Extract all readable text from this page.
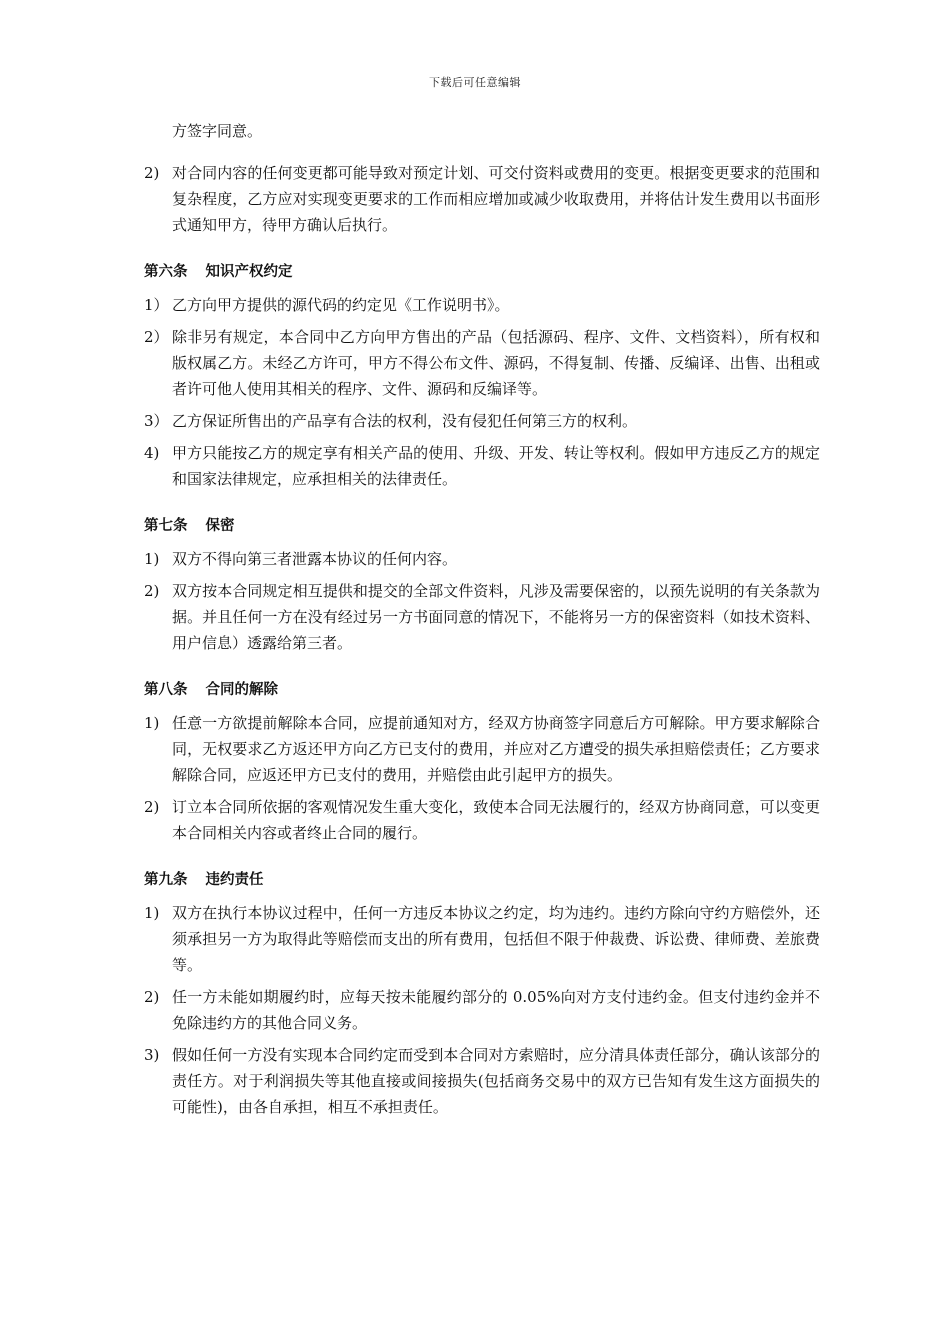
下载后可任意编辑
方签字同意。
2) 对合同内容的任何变更都可能导致对预定计划、可交付资料或费用的变更。根据变更要求的范围和复杂程度，乙方应对实现变更要求的工作而相应增加或减少收取费用，并将估计发生费用以书面形式通知甲方，待甲方确认后执行。
第六条 知识产权约定
1） 乙方向甲方提供的源代码的约定见《工作说明书》。
2） 除非另有规定，本合同中乙方向甲方售出的产品（包括源码、程序、文件、文档资料），所有权和版权属乙方。未经乙方许可，甲方不得公布文件、源码，不得复制、传播、反编译、出售、出租或者许可他人使用其相关的程序、文件、源码和反编译等。
3） 乙方保证所售出的产品享有合法的权利，没有侵犯任何第三方的权利。
4) 甲方只能按乙方的规定享有相关产品的使用、升级、开发、转让等权利。假如甲方违反乙方的规定和国家法律规定，应承担相关的法律责任。
第七条 保密
1) 双方不得向第三者泄露本协议的任何内容。
2) 双方按本合同规定相互提供和提交的全部文件资料，凡涉及需要保密的，以预先说明的有关条款为据。并且任何一方在没有经过另一方书面同意的情况下，不能将另一方的保密资料（如技术资料、用户信息）透露给第三者。
第八条 合同的解除
1) 任意一方欲提前解除本合同，应提前通知对方，经双方协商签字同意后方可解除。甲方要求解除合同，无权要求乙方返还甲方向乙方已支付的费用，并应对乙方遭受的损失承担赔偿责任；乙方要求解除合同，应返还甲方已支付的费用，并赔偿由此引起甲方的损失。
2) 订立本合同所依据的客观情况发生重大变化，致使本合同无法履行的，经双方协商同意，可以变更本合同相关内容或者终止合同的履行。
第九条 违约责任
1) 双方在执行本协议过程中，任何一方违反本协议之约定，均为违约。违约方除向守约方赔偿外，还须承担另一方为取得此等赔偿而支出的所有费用，包括但不限于仲裁费、诉讼费、律师费、差旅费等。
2) 任一方未能如期履约时，应每天按未能履约部分的 0.05%向对方支付违约金。但支付违约金并不免除违约方的其他合同义务。
3) 假如任何一方没有实现本合同约定而受到本合同对方索赔时，应分清具体责任部分，确认该部分的责任方。对于利润损失等其他直接或间接损失(包括商务交易中的双方已告知有发生这方面损失的可能性)，由各自承担，相互不承担责任。
